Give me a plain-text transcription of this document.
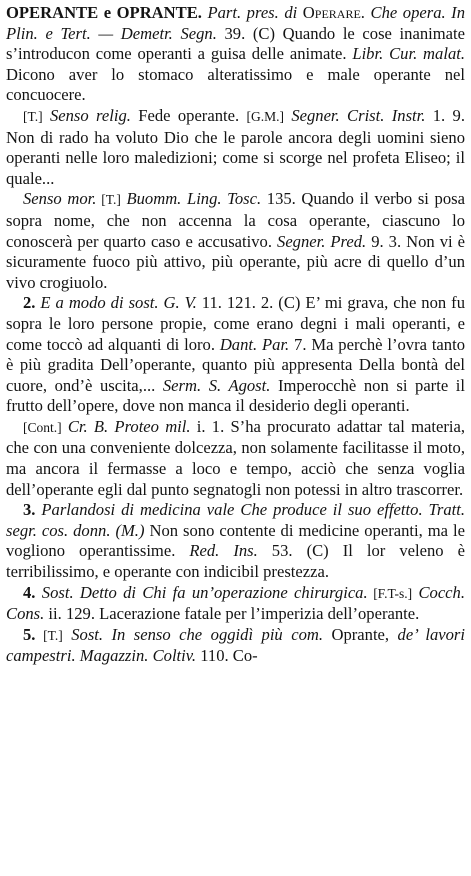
OPERANTE e OPRANTE. Part. pres. di Operare. Che opera. In Plin. e Tert. — Demetr. Segn. 39. (C) Quando le cose inanimate s’introducon come operanti a guisa delle animate. Libr. Cur. malat. Dicono aver lo stomaco alteratissimo e male operante nel concuocere.

[T.] Senso relig. Fede operante. [G.M.] Segner. Crist. Instr. 1. 9. Non di rado ha voluto Dio che le parole ancora degli uomini sieno operanti nelle loro maledizioni; come si scorge nel profeta Eliseo; il quale...

Senso mor. [T.] Buomm. Ling. Tosc. 135. Quando il verbo si posa sopra nome, che non accenna la cosa operante, ciascuno lo conoscerà per quarto caso e accusativo. Segner. Pred. 9. 3. Non vi è sicuramente fuoco più attivo, più operante, più acre di quello d’un vivo crogiuolo.

2. E a modo di sost. G. V. 11. 121. 2. (C) E’ mi grava, che non fu sopra le loro persone propie, come erano degni i mali operanti, e come toccò ad alquanti di loro. Dant. Par. 7. Ma perchè l’ovra tanto è più gradita Dell’operante, quanto più appresenta Della bontà del cuore, ond’è uscita,... Serm. S. Agost. Imperocchè non si parte il frutto dell’opere, dove non manca il desiderio degli operanti.

[Cont.] Cr. B. Proteo mil. i. 1. S’ha procurato adattar tal materia, che con una conveniente dolcezza, non solamente facilitasse il moto, ma ancora il fermasse a loco e tempo, acciò che senza voglia dell’operante egli dal punto segnatogli non potessi in altro trascorrer.

3. Parlandosi di medicina vale Che produce il suo effetto. Tratt. segr. cos. donn. (M.) Non sono contente di medicine operanti, ma le vogliono operantissime. Red. Ins. 53. (C) Il lor veleno è terribilissimo, e operante con indicibil prestezza.

4. Sost. Detto di Chi fa un’operazione chirurgica. [F.T-s.] Cocch. Cons. ii. 129. Lacerazione fatale per l’imperizia dell’operante.

5. [T.] Sost. In senso che oggidì più com. Oprante, de’ lavori campestri. Magazzin. Coltiv. 110. Co-
